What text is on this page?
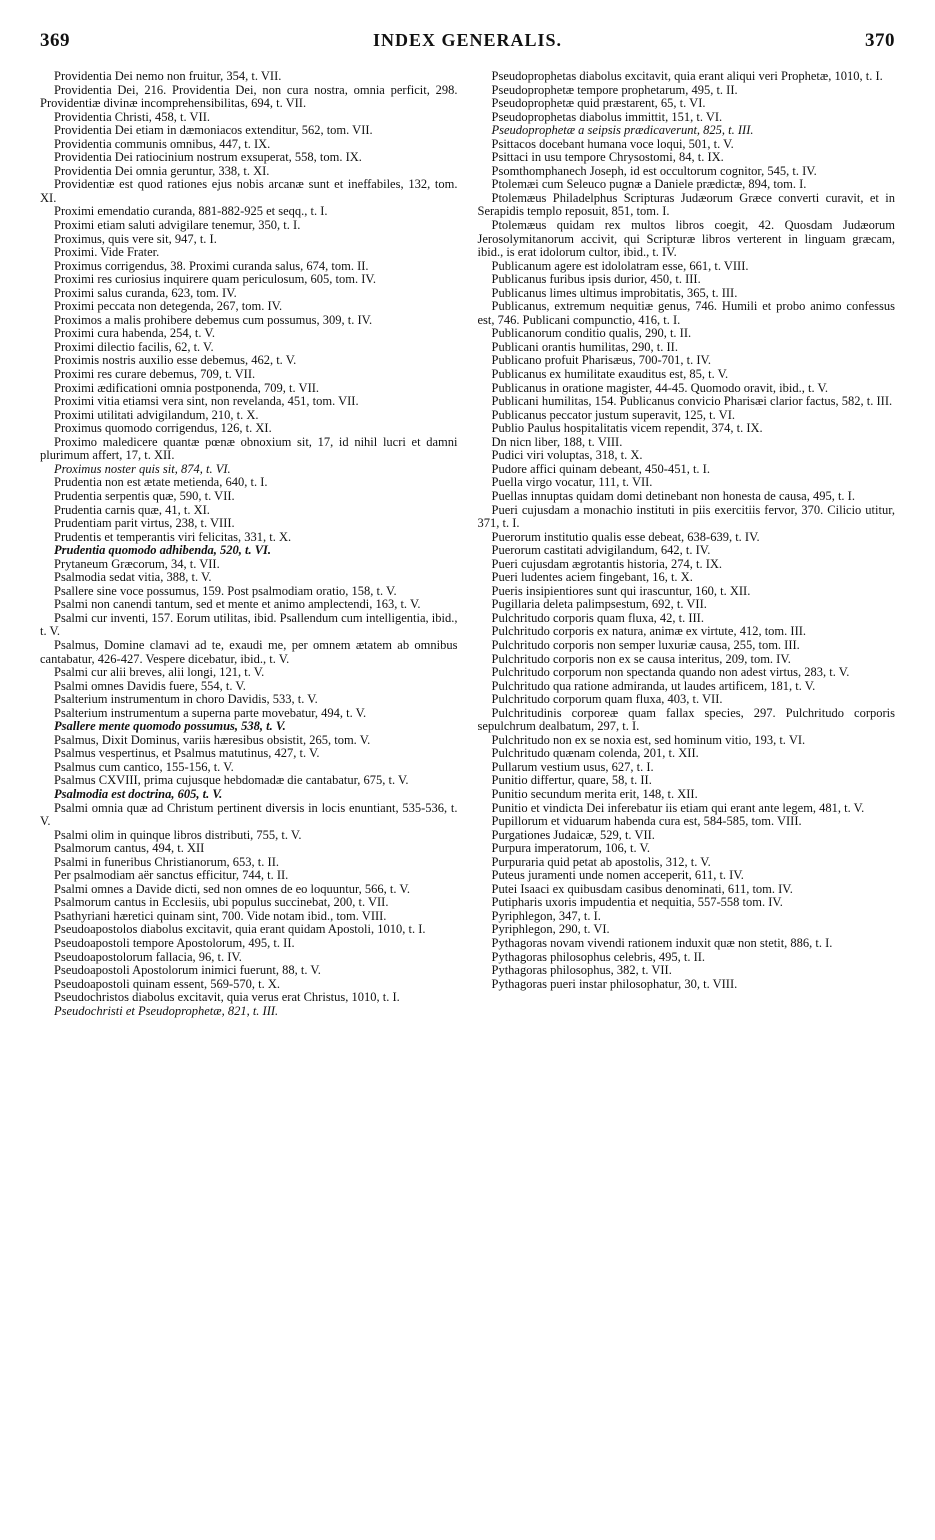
369	INDEX GENERALIS.	370

Providentia Dei nemo non fruitur, 354, t. VII.

Providentia Dei, 216. Providentia Dei, non cura nostra, omnia perficit, 298. Providentiæ divinæ incomprehensibilitas, 694, t. VII.

Providentia Christi, 458, t. VII.

Providentia Dei etiam in dæmoniacos extenditur, 562, tom. VII.

Providentia communis omnibus, 447, t. IX.

Providentia Dei ratiocinium nostrum exsuperat, 558, tom. IX.

Providentia Dei omnia geruntur, 338, t. XI.

Providentiæ est quod rationes ejus nobis arcanæ sunt et ineffabiles, 132, tom. XI.

Proximi emendatio curanda, 881-882-925 et seqq., t. I.

Proximi etiam saluti advigilare tenemur, 350, t. I.

Proximus, quis vere sit, 947, t. I.

Proximi. Vide Frater.

Proximus corrigendus, 38. Proximi curanda salus, 674, tom. II.

Proximi res curiosius inquirere quam periculosum, 605, tom. IV.

Proximi salus curanda, 623, tom. IV.

Proximi peccata non detegenda, 267, tom. IV.

Proximos a malis prohibere debemus cum possumus, 309, t. IV.

Proximi cura habenda, 254, t. V.

Proximi dilectio facilis, 62, t. V.

Proximis nostris auxilio esse debemus, 462, t. V.

Proximi res curare debemus, 709, t. VII.

Proximi ædificationi omnia postponenda, 709, t. VII.

Proximi vitia etiamsi vera sint, non revelanda, 451, tom. VII.

Proximi utilitati advigilandum, 210, t. X.

Proximus quomodo corrigendus, 126, t. XI.

Proximo maledicere quantæ pœnæ obnoxium sit, 17, id nihil lucri et damni plurimum affert, 17, t. XII.

Proximus noster quis sit, 874, t. VI.

Prudentia non est ætate metienda, 640, t. I.

Prudentia serpentis quæ, 590, t. VII.

Prudentia carnis quæ, 41, t. XI.

Prudentiam parit virtus, 238, t. VIII.

Prudentis et temperantis viri felicitas, 331, t. X.

Prudentia quomodo adhibenda, 520, t. VI.

Prytaneum Græcorum, 34, t. VII.

Psalmodia sedat vitia, 388, t. V.

Psallere sine voce possumus, 159. Post psalmodiam oratio, 158, t. V.

Psalmi non canendi tantum, sed et mente et animo amplectendi, 163, t. V.

Psalmi cur inventi, 157. Eorum utilitas, ibid. Psallendum cum intelligentia, ibid., t. V.

Psalmus, Domine clamavi ad te, exaudi me, per omnem ætatem ab omnibus cantabatur, 426-427. Vespere dicebatur, ibid., t. V.

Psalmi cur alii breves, alii longi, 121, t. V.

Psalmi omnes Davidis fuere, 554, t. V.

Psalterium instrumentum in choro Davidis, 533, t. V.

Psalterium instrumentum a superna parte movebatur, 494, t. V.

Psallere mente quomodo possumus, 538, t. V.

Psalmus, Dixit Dominus, variis hæresibus obsistit, 265, tom. V.

Psalmus vespertinus, et Psalmus matutinus, 427, t. V.

Psalmus cum cantico, 155-156, t. V.

Psalmus CXVIII, prima cujusque hebdomadæ die cantabatur, 675, t. V.

Psalmodia est doctrina, 605, t. V.

Psalmi omnia quæ ad Christum pertinent diversis in locis enuntiant, 535-536, t. V.

Psalmi olim in quinque libros distributi, 755, t. V.

Psalmorum cantus, 494, t. XII

Psalmi in funeribus Christianorum, 653, t. II.

Per psalmodiam aër sanctus efficitur, 744, t. II.

Psalmi omnes a Davide dicti, sed non omnes de eo loquuntur, 566, t. V.

Psalmorum cantus in Ecclesiis, ubi populus succinebat, 200, t. VII.

Psathyriani hæretici quinam sint, 700. Vide notam ibid., tom. VIII.

Pseudoapostolos diabolus excitavit, quia erant quidam Apostoli, 1010, t. I.

Pseudoapostoli tempore Apostolorum, 495, t. II.

Pseudoapostolorum fallacia, 96, t. IV.

Pseudoapostoli Apostolorum inimici fuerunt, 88, t. V.

Pseudoapostoli quinam essent, 569-570, t. X.

Pseudochristos diabolus excitavit, quia verus erat Christus, 1010, t. I.

Pseudochristi et Pseudoprophetæ, 821, t. III.

Pseudoprophetas diabolus excitavit, quia erant aliqui veri Prophetæ, 1010, t. I.

Pseudoprophetæ tempore prophetarum, 495, t. II.

Pseudoprophetæ quid præstarent, 65, t. VI.

Pseudoprophetas diabolus immittit, 151, t. VI.

Pseudoprophetæ a seipsis prædicaverunt, 825, t. III.

Psittacos docebant humana voce loqui, 501, t. V.

Psittaci in usu tempore Chrysostomi, 84, t. IX.

Psomthomphanech Joseph, id est occultorum cognitor, 545, t. IV.

Ptolemæi cum Seleuco pugnæ a Daniele prædictæ, 894, tom. I.

Ptolemæus Philadelphus Scripturas Judæorum Græce converti curavit, et in Serapidis templo reposuit, 851, tom. I.

Ptolemæus quidam rex multos libros coegit, 42. Quosdam Judæorum Jerosolymitanorum accivit, qui Scripturæ libros verterent in linguam græcam, ibid., is erat idolorum cultor, ibid., t. IV.

Publicanum agere est idololatram esse, 661, t. VIII.

Publicanus furibus ipsis durior, 450, t. III.

Publicanus limes ultimus improbitatis, 365, t. III.

Publicanus, extremum nequitiæ genus, 746. Humili et probo animo confessus est, 746. Publicani compunctio, 416, t. I.

Publicanorum conditio qualis, 290, t. II.

Publicani orantis humilitas, 290, t. II.

Publicano profuit Pharisæus, 700-701, t. IV.

Publicanus ex humilitate exauditus est, 85, t. V.

Publicanus in oratione magister, 44-45. Quomodo oravit, ibid., t. V.

Publicani humilitas, 154. Publicanus convicio Pharisæi clarior factus, 582, t. III.

Publicanus peccator justum superavit, 125, t. VI.

Publio Paulus hospitalitatis vicem rependit, 374, t. IX.

Dn nicn liber, 188, t. VIII.

Pudici viri voluptas, 318, t. X.

Pudore affici quinam debeant, 450-451, t. I.

Puella virgo vocatur, 111, t. VII.

Puellas innuptas quidam domi detinebant non honesta de causa, 495, t. I.

Pueri cujusdam a monachio instituti in piis exercitiis fervor, 370. Cilicio utitur, 371, t. I.

Puerorum institutio qualis esse debeat, 638-639, t. IV.

Puerorum castitati advigilandum, 642, t. IV.

Pueri cujusdam ægrotantis historia, 274, t. IX.

Pueri ludentes aciem fingebant, 16, t. X.

Pueris insipientiores sunt qui irascuntur, 160, t. XII.

Pugillaria deleta palimpsestum, 692, t. VII.

Pulchritudo corporis quam fluxa, 42, t. III.

Pulchritudo corporis ex natura, animæ ex virtute, 412, tom. III.

Pulchritudo corporis non semper luxuriæ causa, 255, tom. III.

Pulchritudo corporis non ex se causa interitus, 209, tom. IV.

Pulchritudo corporum non spectanda quando non adest virtus, 283, t. V.

Pulchritudo qua ratione admiranda, ut laudes artificem, 181, t. V.

Pulchritudo corporum quam fluxa, 403, t. VII.

Pulchritudinis corporeæ quam fallax species, 297. Pulchritudo corporis sepulchrum dealbatum, 297, t. I.

Pulchritudo non ex se noxia est, sed hominum vitio, 193, t. VI.

Pulchritudo quænam colenda, 201, t. XII.

Pullarum vestium usus, 627, t. I.

Punitio differtur, quare, 58, t. II.

Punitio secundum merita erit, 148, t. XII.

Punitio et vindicta Dei inferebatur iis etiam qui erant ante legem, 481, t. V.

Pupillorum et viduarum habenda cura est, 584-585, tom. VIII.

Purgationes Judaicæ, 529, t. VII.

Purpura imperatorum, 106, t. V.

Purpuraria quid petat ab apostolis, 312, t. V.

Puteus juramenti unde nomen acceperit, 611, t. IV.

Putei Isaaci ex quibusdam casibus denominati, 611, tom. IV.

Putipharis uxoris impudentia et nequitia, 557-558 tom. IV.

Pyriphlegon, 347, t. I.

Pyriphlegon, 290, t. VI.

Pythagoras novam vivendi rationem induxit quæ non stetit, 886, t. I.

Pythagoras philosophus celebris, 495, t. II.

Pythagoras philosophus, 382, t. VII.

Pythagoras pueri instar philosophatur, 30, t. VIII.
